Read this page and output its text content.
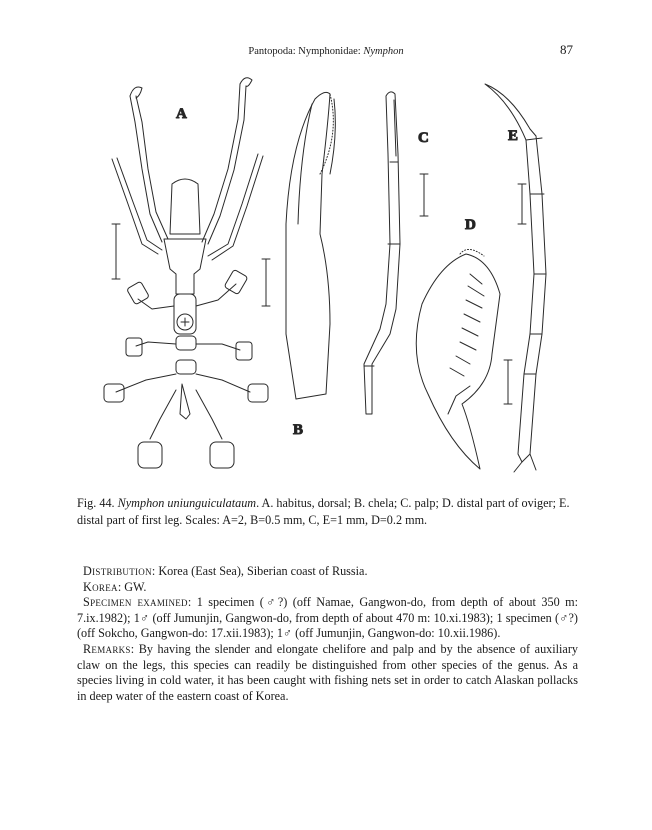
Pantopoda: Nymphonidae: Nymphon	87
A
B
C
D
E
Fig. 44. Nymphon uniunguiculataum. A. habitus, dorsal; B. chela; C. palp; D. distal part of oviger; E. distal part of first leg. Scales: A=2, B=0.5 mm, C, E=1 mm, D=0.2 mm.

Distribution: Korea (East Sea), Siberian coast of Russia.

Korea: GW.

Specimen examined: 1 specimen (♂?) (off Namae, Gangwon-do, from depth of about 350 m: 7.ix.1982); 1♂ (off Jumunjin, Gangwon-do, from depth of about 470 m: 10.xi.1983); 1 specimen (♂?) (off Sokcho, Gangwon-do: 17.xii.1983); 1♂ (off Jumunjin, Gangwon-do: 10.xii.1986).

Remarks: By having the slender and elongate chelifore and palp and by the absence of auxiliary claw on the legs, this species can readily be distinguished from other species of the genus. As a species living in cold water, it has been caught with fishing nets set in order to catch Alaskan pollacks in deep water of the eastern coast of Korea.
